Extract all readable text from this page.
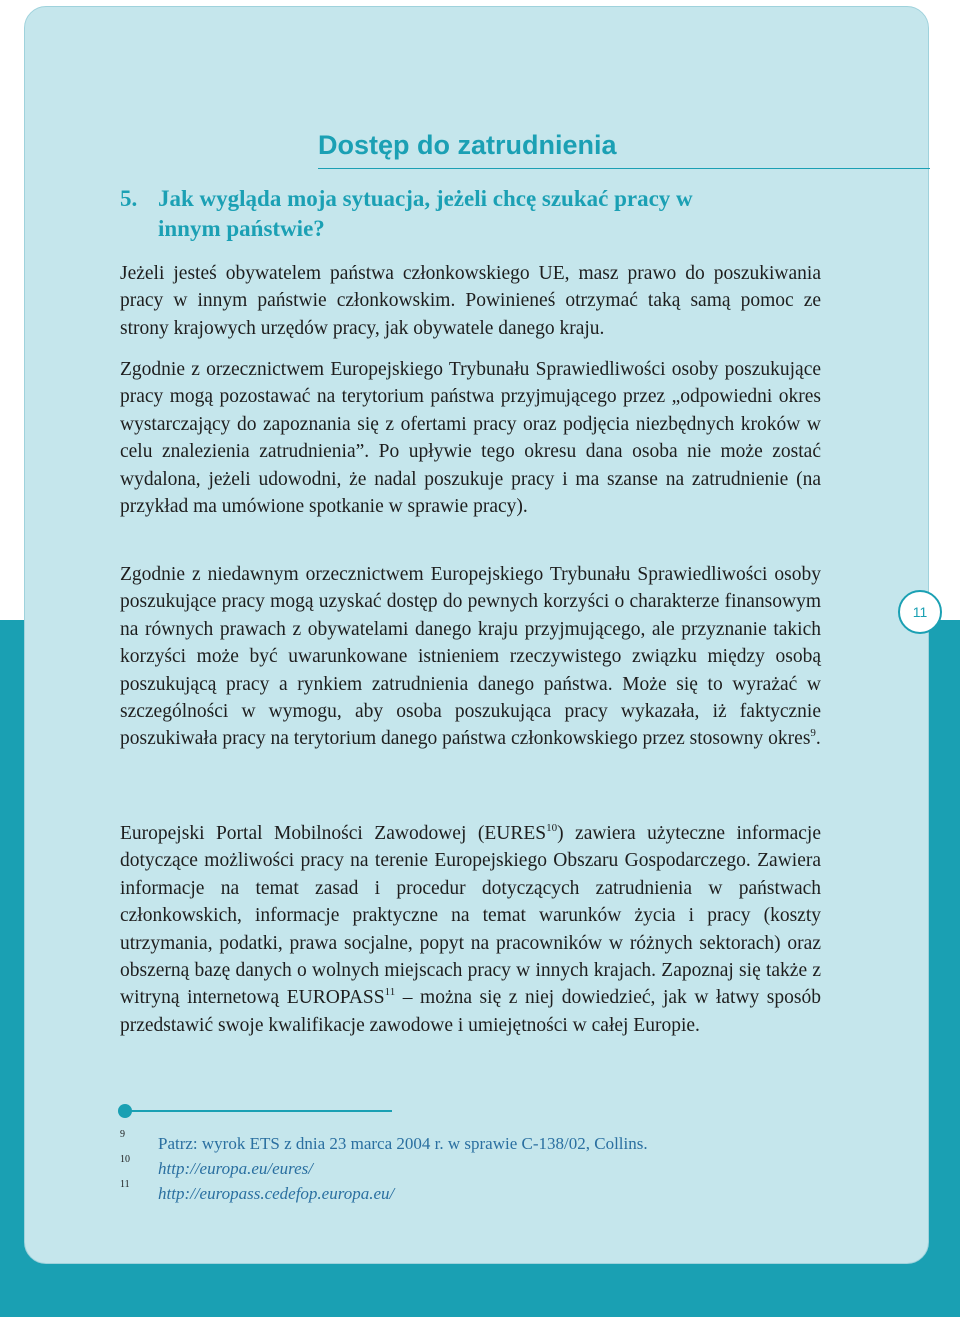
Dostęp do zatrudnienia
5. Jak wygląda moja sytuacja, jeżeli chcę szukać pracy w innym państwie?
Jeżeli jesteś obywatelem państwa członkowskiego UE, masz prawo do poszukiwania pracy w innym państwie członkowskim. Powinieneś otrzymać taką samą pomoc ze strony krajowych urzędów pracy, jak obywatele danego kraju.
Zgodnie z orzecznictwem Europejskiego Trybunału Sprawiedliwości osoby poszukujące pracy mogą pozostawać na terytorium państwa przyjmującego przez „odpowiedni okres wystarczający do zapoznania się z ofertami pracy oraz podjęcia niezbędnych kroków w celu znalezienia zatrudnienia”. Po upływie tego okresu dana osoba nie może zostać wydalona, jeżeli udowodni, że nadal poszukuje pracy i ma szanse na zatrudnienie (na przykład ma umówione spotkanie w sprawie pracy).
Zgodnie z niedawnym orzecznictwem Europejskiego Trybunału Sprawiedliwości osoby poszukujące pracy mogą uzyskać dostęp do pewnych korzyści o charakterze finansowym na równych prawach z obywatelami danego kraju przyjmującego, ale przyznanie takich korzyści może być uwarunkowane istnieniem rzeczywistego związku między osobą poszukującą pracy a rynkiem zatrudnienia danego państwa. Może się to wyrażać w szczególności w wymogu, aby osoba poszukująca pracy wykazała, iż faktycznie poszukiwała pracy na terytorium danego państwa członkowskiego przez stosowny okres$^9$.
Europejski Portal Mobilności Zawodowej (EURES$^{10}$) zawiera użyteczne informacje dotyczące możliwości pracy na terenie Europejskiego Obszaru Gospodarczego. Zawiera informacje na temat zasad i procedur dotyczących zatrudnienia w państwach członkowskich, informacje praktyczne na temat warunków życia i pracy (koszty utrzymania, podatki, prawa socjalne, popyt na pracowników w różnych sektorach) oraz obszerną bazę danych o wolnych miejscach pracy w innych krajach. Zapoznaj się także z witryną internetową EUROPASS$^{11}$ – można się z niej dowiedzieć, jak w łatwy sposób przedstawić swoje kwalifikacje zawodowe i umiejętności w całej Europie.
11
9 Patrz: wyrok ETS z dnia 23 marca 2004 r. w sprawie C-138/02, Collins.
10 http://europa.eu/eures/
11 http://europass.cedefop.europa.eu/
